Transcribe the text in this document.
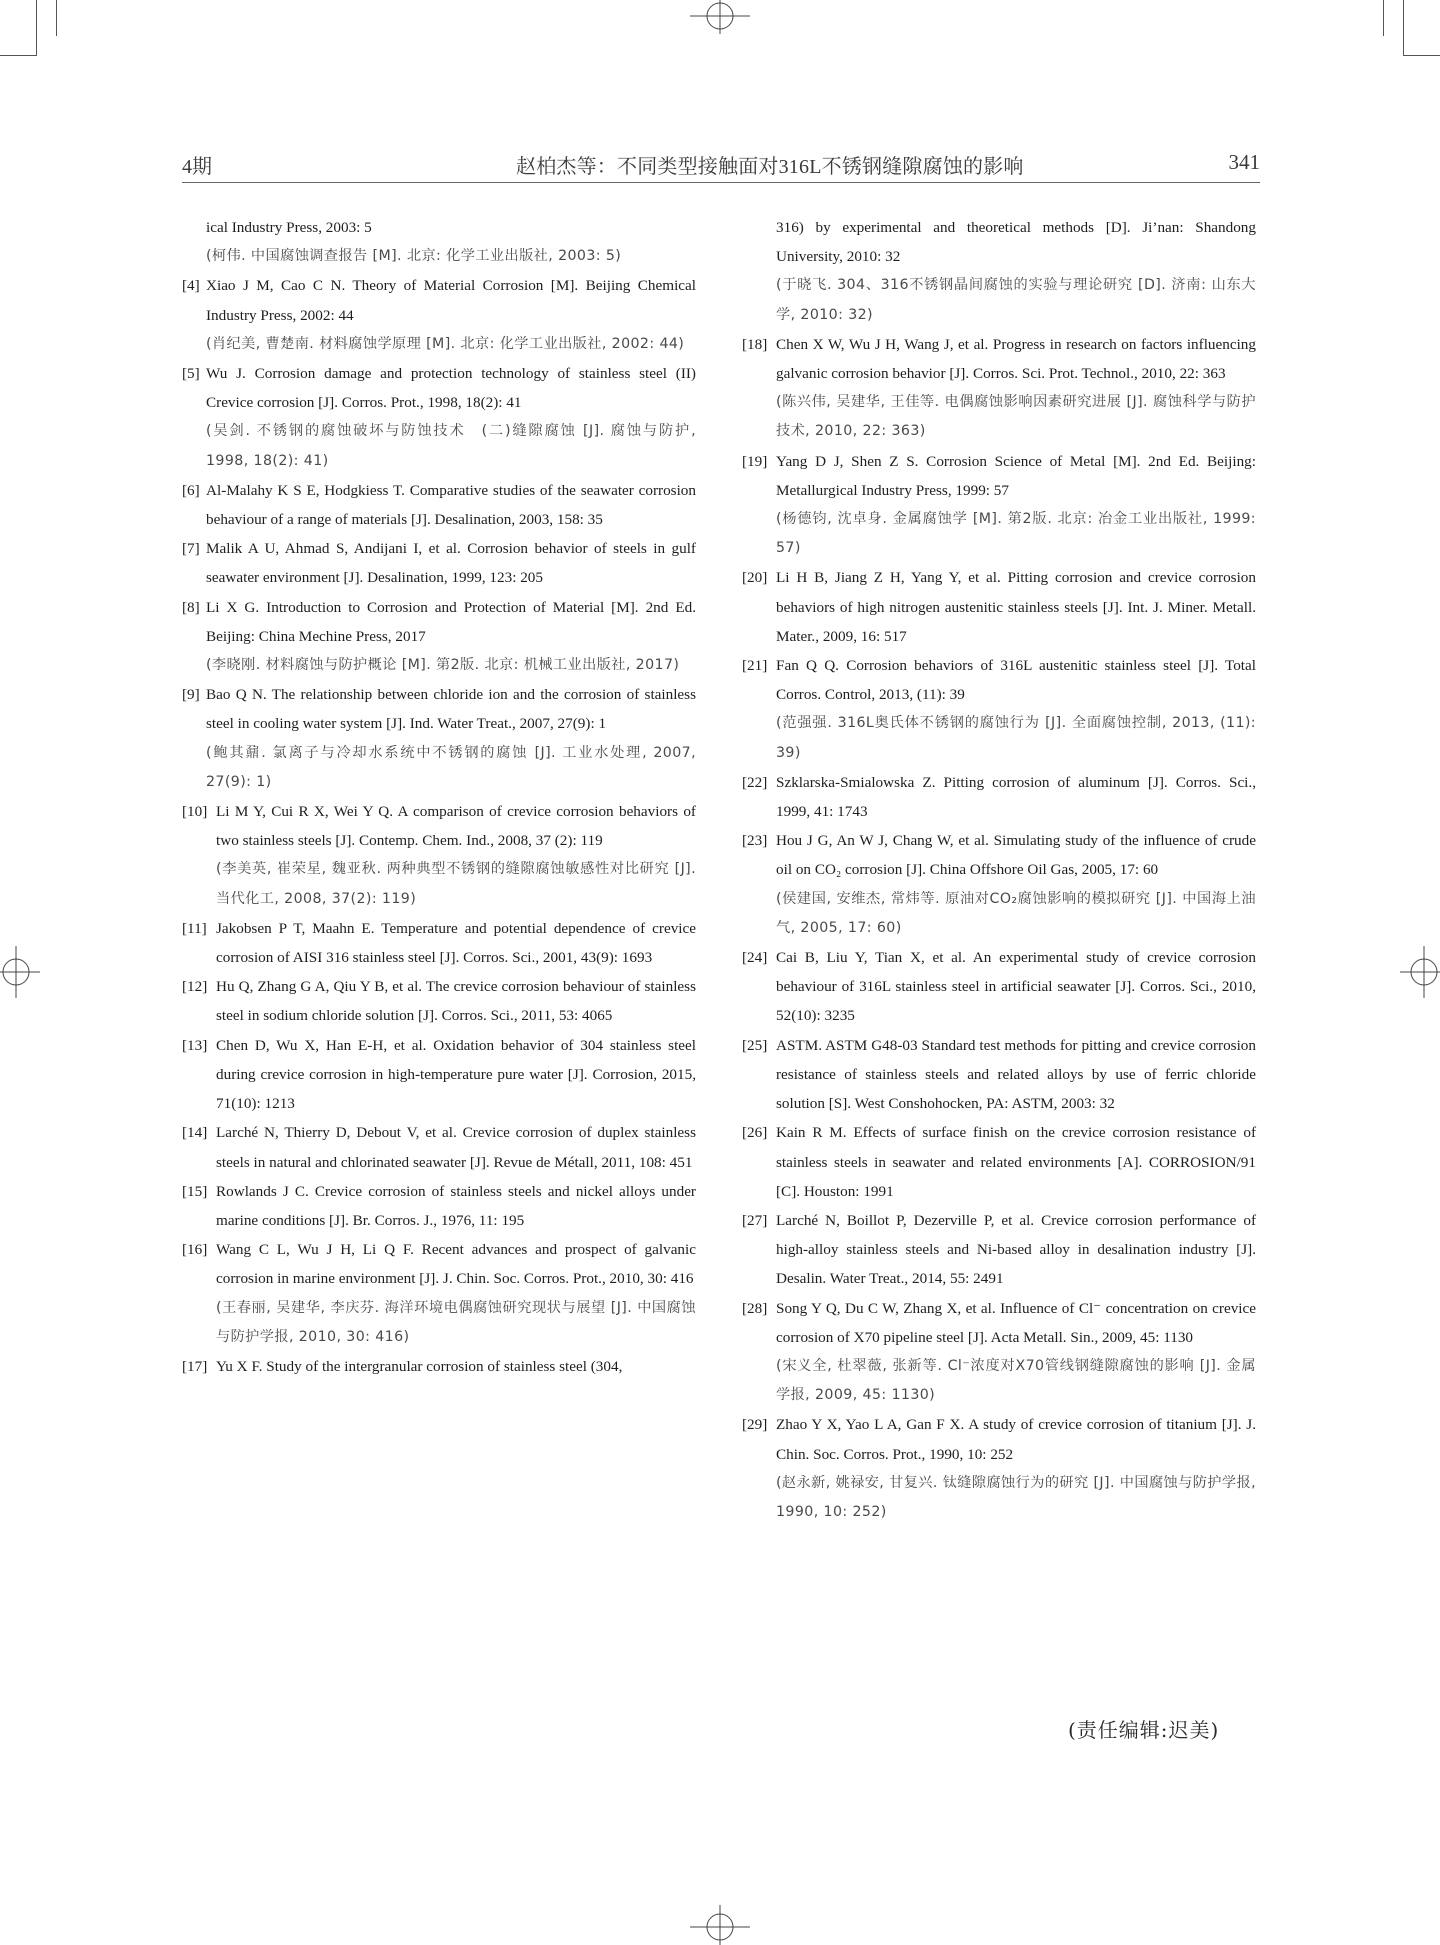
4期	赵柏杰等：不同类型接触面对316L不锈钢缝隙腐蚀的影响	341
ical Industry Press, 2003: 5
(柯伟. 中国腐蚀调查报告 [M]. 北京: 化学工业出版社, 2003: 5)
[4] Xiao J M, Cao C N. Theory of Material Corrosion [M]. Beijing Chemical Industry Press, 2002: 44
(肖纪美, 曹楚南. 材料腐蚀学原理 [M]. 北京: 化学工业出版社, 2002: 44)
[5] Wu J. Corrosion damage and protection technology of stainless steel (II) Crevice corrosion [J]. Corros. Prot., 1998, 18(2): 41
(吴剑. 不锈钢的腐蚀破坏与防蚀技术　(二)缝隙腐蚀 [J]. 腐蚀与防护, 1998, 18(2): 41)
[6] Al-Malahy K S E, Hodgkiess T. Comparative studies of the seawater corrosion behaviour of a range of materials [J]. Desalination, 2003, 158: 35
[7] Malik A U, Ahmad S, Andijani I, et al. Corrosion behavior of steels in gulf seawater environment [J]. Desalination, 1999, 123: 205
[8] Li X G. Introduction to Corrosion and Protection of Material [M]. 2nd Ed. Beijing: China Mechine Press, 2017
(李晓刚. 材料腐蚀与防护概论 [M]. 第2版. 北京: 机械工业出版社, 2017)
[9] Bao Q N. The relationship between chloride ion and the corrosion of stainless steel in cooling water system [J]. Ind. Water Treat., 2007, 27(9): 1
(鲍其鼐. 氯离子与冷却水系统中不锈钢的腐蚀 [J]. 工业水处理, 2007, 27(9): 1)
[10] Li M Y, Cui R X, Wei Y Q. A comparison of crevice corrosion behaviors of two stainless steels [J]. Contemp. Chem. Ind., 2008, 37 (2): 119
(李美英, 崔荣星, 魏亚秋. 两种典型不锈钢的缝隙腐蚀敏感性对比研究 [J]. 当代化工, 2008, 37(2): 119)
[11] Jakobsen P T, Maahn E. Temperature and potential dependence of crevice corrosion of AISI 316 stainless steel [J]. Corros. Sci., 2001, 43(9): 1693
[12] Hu Q, Zhang G A, Qiu Y B, et al. The crevice corrosion behaviour of stainless steel in sodium chloride solution [J]. Corros. Sci., 2011, 53: 4065
[13] Chen D, Wu X, Han E-H, et al. Oxidation behavior of 304 stainless steel during crevice corrosion in high-temperature pure water [J]. Corrosion, 2015, 71(10): 1213
[14] Larché N, Thierry D, Debout V, et al. Crevice corrosion of duplex stainless steels in natural and chlorinated seawater [J]. Revue de Métall, 2011, 108: 451
[15] Rowlands J C. Crevice corrosion of stainless steels and nickel alloys under marine conditions [J]. Br. Corros. J., 1976, 11: 195
[16] Wang C L, Wu J H, Li Q F. Recent advances and prospect of galvanic corrosion in marine environment [J]. J. Chin. Soc. Corros. Prot., 2010, 30: 416
(王春丽, 吴建华, 李庆芬. 海洋环境电偶腐蚀研究现状与展望 [J]. 中国腐蚀与防护学报, 2010, 30: 416)
[17] Yu X F. Study of the intergranular corrosion of stainless steel (304,
316) by experimental and theoretical methods [D]. Ji’nan: Shandong University, 2010: 32
(于晓飞. 304、316不锈钢晶间腐蚀的实验与理论研究 [D]. 济南: 山东大学, 2010: 32)
[18] Chen X W, Wu J H, Wang J, et al. Progress in research on factors influencing galvanic corrosion behavior [J]. Corros. Sci. Prot. Technol., 2010, 22: 363
(陈兴伟, 吴建华, 王佳等. 电偶腐蚀影响因素研究进展 [J]. 腐蚀科学与防护技术, 2010, 22: 363)
[19] Yang D J, Shen Z S. Corrosion Science of Metal [M]. 2nd Ed. Beijing: Metallurgical Industry Press, 1999: 57
(杨德钧, 沈卓身. 金属腐蚀学 [M]. 第2版. 北京: 冶金工业出版社, 1999: 57)
[20] Li H B, Jiang Z H, Yang Y, et al. Pitting corrosion and crevice corrosion behaviors of high nitrogen austenitic stainless steels [J]. Int. J. Miner. Metall. Mater., 2009, 16: 517
[21] Fan Q Q. Corrosion behaviors of 316L austenitic stainless steel [J]. Total Corros. Control, 2013, (11): 39
(范强强. 316L奥氏体不锈钢的腐蚀行为 [J]. 全面腐蚀控制, 2013, (11): 39)
[22] Szklarska-Smialowska Z. Pitting corrosion of aluminum [J]. Corros. Sci., 1999, 41: 1743
[23] Hou J G, An W J, Chang W, et al. Simulating study of the influence of crude oil on CO₂ corrosion [J]. China Offshore Oil Gas, 2005, 17: 60
(侯建国, 安维杰, 常炜等. 原油对CO₂腐蚀影响的模拟研究 [J]. 中国海上油气, 2005, 17: 60)
[24] Cai B, Liu Y, Tian X, et al. An experimental study of crevice corrosion behaviour of 316L stainless steel in artificial seawater [J]. Corros. Sci., 2010, 52(10): 3235
[25] ASTM. ASTM G48-03 Standard test methods for pitting and crevice corrosion resistance of stainless steels and related alloys by use of ferric chloride solution [S]. West Conshohocken, PA: ASTM, 2003: 32
[26] Kain R M. Effects of surface finish on the crevice corrosion resistance of stainless steels in seawater and related environments [A]. CORROSION/91 [C]. Houston: 1991
[27] Larché N, Boillot P, Dezerville P, et al. Crevice corrosion performance of high-alloy stainless steels and Ni-based alloy in desalination industry [J]. Desalin. Water Treat., 2014, 55: 2491
[28] Song Y Q, Du C W, Zhang X, et al. Influence of Cl⁻ concentration on crevice corrosion of X70 pipeline steel [J]. Acta Metall. Sin., 2009, 45: 1130
(宋义全, 杜翠薇, 张新等. Cl⁻浓度对X70管线钢缝隙腐蚀的影响 [J]. 金属学报, 2009, 45: 1130)
[29] Zhao Y X, Yao L A, Gan F X. A study of crevice corrosion of titanium [J]. J. Chin. Soc. Corros. Prot., 1990, 10: 252
(赵永新, 姚禄安, 甘复兴. 钛缝隙腐蚀行为的研究 [J]. 中国腐蚀与防护学报, 1990, 10: 252)
(责任编辑:迟美)
